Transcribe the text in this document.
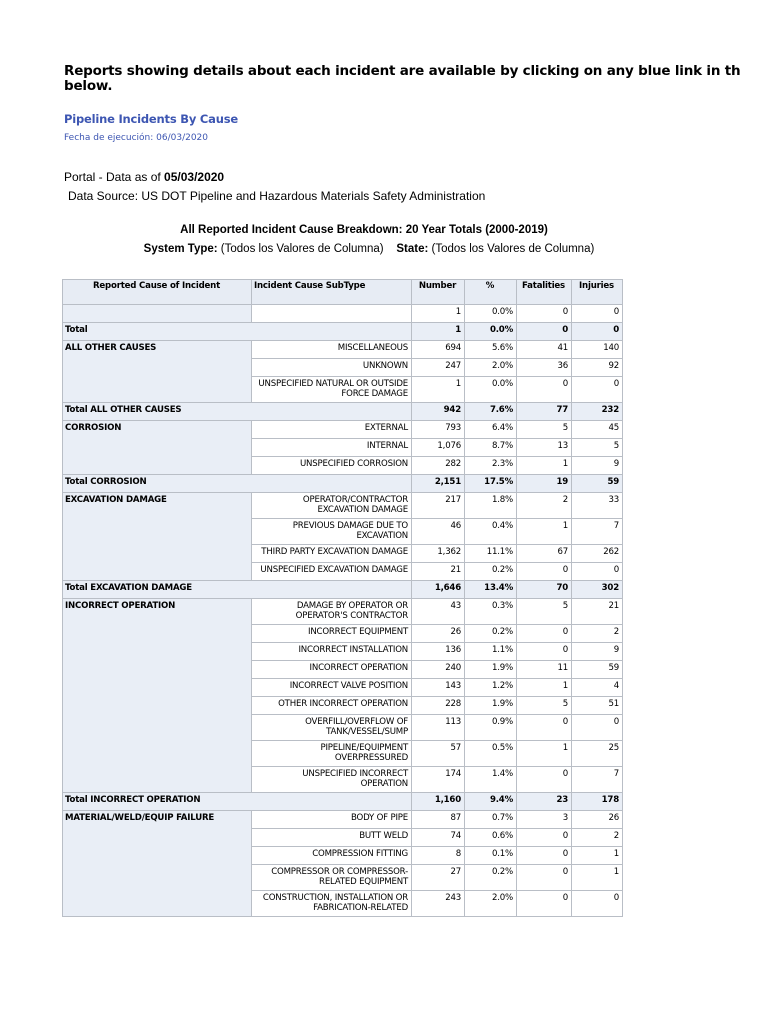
Reports showing details about each incident are available by clicking on any blue link in th
below.
Pipeline Incidents By Cause
Fecha de ejecución: 06/03/2020
Portal - Data as of 05/03/2020
Data Source: US DOT Pipeline and Hazardous Materials Safety Administration
All Reported Incident Cause Breakdown: 20 Year Totals (2000-2019)
System Type: (Todos los Valores de Columna) State: (Todos los Valores de Columna)
Reported Cause of Incident	Incident Cause SubType	Number	%	Fatalities	Injuries
		1	0.0%	0	0
Total		1	0.0%	0	0
ALL OTHER CAUSES	MISCELLANEOUS	694	5.6%	41	140
	UNKNOWN	247	2.0%	36	92
	UNSPECIFIED NATURAL OR OUTSIDE FORCE DAMAGE	1	0.0%	0	0
Total ALL OTHER CAUSES		942	7.6%	77	232
CORROSION	EXTERNAL	793	6.4%	5	45
	INTERNAL	1,076	8.7%	13	5
	UNSPECIFIED CORROSION	282	2.3%	1	9
Total CORROSION		2,151	17.5%	19	59
EXCAVATION DAMAGE	OPERATOR/CONTRACTOR EXCAVATION DAMAGE	217	1.8%	2	33
	PREVIOUS DAMAGE DUE TO EXCAVATION	46	0.4%	1	7
	THIRD PARTY EXCAVATION DAMAGE	1,362	11.1%	67	262
	UNSPECIFIED EXCAVATION DAMAGE	21	0.2%	0	0
Total EXCAVATION DAMAGE		1,646	13.4%	70	302
INCORRECT OPERATION	DAMAGE BY OPERATOR OR OPERATOR'S CONTRACTOR	43	0.3%	5	21
	INCORRECT EQUIPMENT	26	0.2%	0	2
	INCORRECT INSTALLATION	136	1.1%	0	9
	INCORRECT OPERATION	240	1.9%	11	59
	INCORRECT VALVE POSITION	143	1.2%	1	4
	OTHER INCORRECT OPERATION	228	1.9%	5	51
	OVERFILL/OVERFLOW OF TANK/VESSEL/SUMP	113	0.9%	0	0
	PIPELINE/EQUIPMENT OVERPRESSURED	57	0.5%	1	25
	UNSPECIFIED INCORRECT OPERATION	174	1.4%	0	7
Total INCORRECT OPERATION		1,160	9.4%	23	178
MATERIAL/WELD/EQUIP FAILURE	BODY OF PIPE	87	0.7%	3	26
	BUTT WELD	74	0.6%	0	2
	COMPRESSION FITTING	8	0.1%	0	1
	COMPRESSOR OR COMPRESSOR-RELATED EQUIPMENT	27	0.2%	0	1
	CONSTRUCTION, INSTALLATION OR FABRICATION-RELATED	243	2.0%	0	0
